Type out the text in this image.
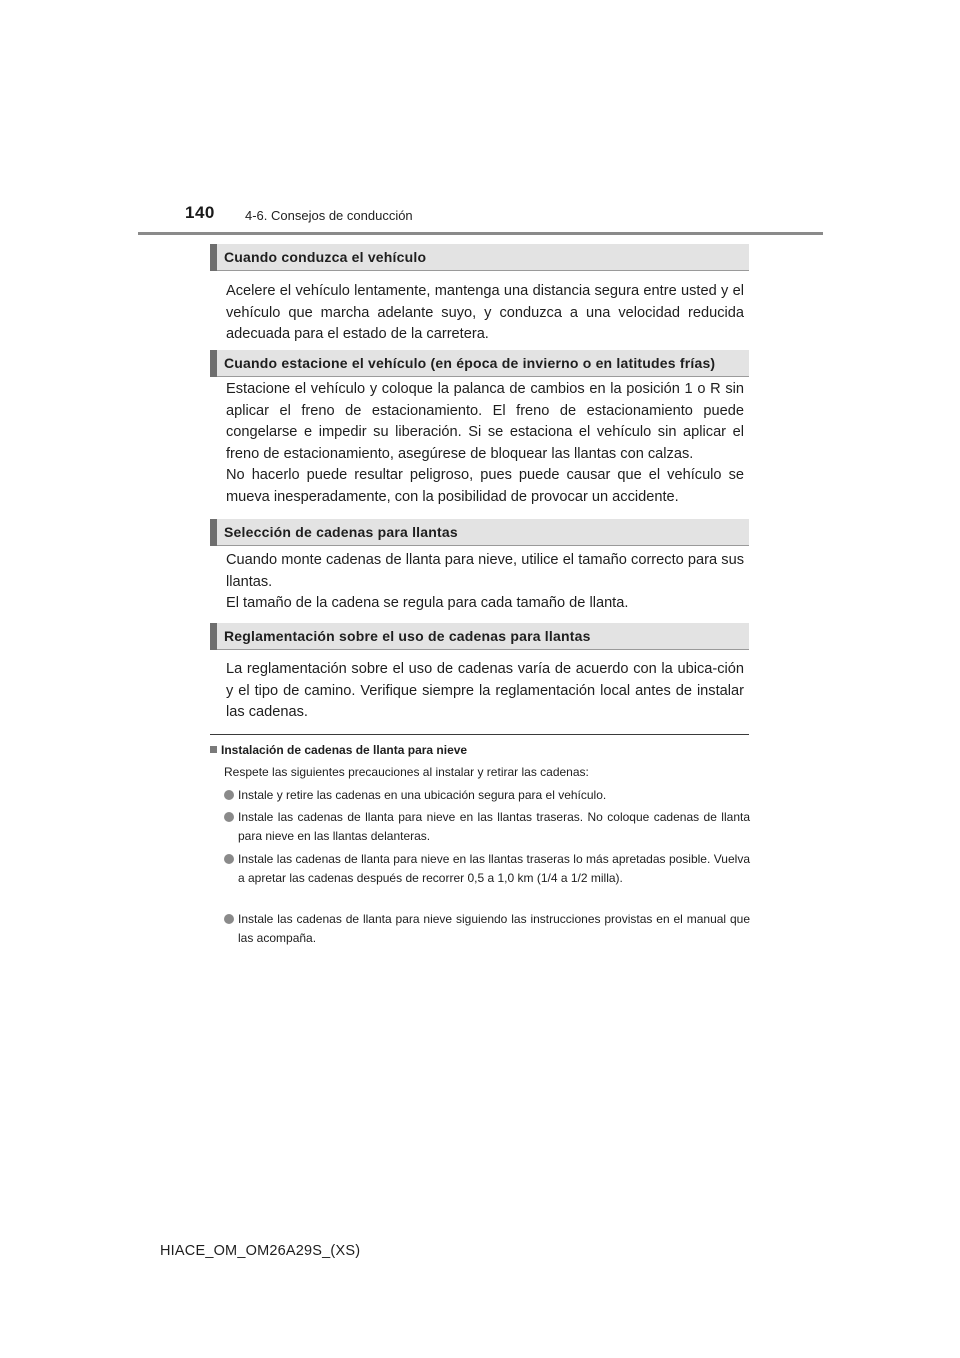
140 4-6. Consejos de conducción
Cuando conduzca el vehículo
Acelere el vehículo lentamente, mantenga una distancia segura entre usted y el vehículo que marcha adelante suyo, y conduzca a una velocidad reducida adecuada para el estado de la carretera.
Cuando estacione el vehículo (en época de invierno o en latitudes frías)
Estacione el vehículo y coloque la palanca de cambios en la posición 1 o R sin aplicar el freno de estacionamiento. El freno de estacionamiento puede congelarse e impedir su liberación. Si se estaciona el vehículo sin aplicar el freno de estacionamiento, asegúrese de bloquear las llantas con calzas.
No hacerlo puede resultar peligroso, pues puede causar que el vehículo se mueva inesperadamente, con la posibilidad de provocar un accidente.
Selección de cadenas para llantas
Cuando monte cadenas de llanta para nieve, utilice el tamaño correcto para sus llantas.
El tamaño de la cadena se regula para cada tamaño de llanta.
Reglamentación sobre el uso de cadenas para llantas
La reglamentación sobre el uso de cadenas varía de acuerdo con la ubica-ción y el tipo de camino. Verifique siempre la reglamentación local antes de instalar las cadenas.
Instalación de cadenas de llanta para nieve
Respete las siguientes precauciones al instalar y retirar las cadenas:
Instale y retire las cadenas en una ubicación segura para el vehículo.
Instale las cadenas de llanta para nieve en las llantas traseras. No coloque cadenas de llanta para nieve en las llantas delanteras.
Instale las cadenas de llanta para nieve en las llantas traseras lo más apretadas posible. Vuelva a apretar las cadenas después de recorrer 0,5 a 1,0 km (1/4 a 1/2 milla).
Instale las cadenas de llanta para nieve siguiendo las instrucciones provistas en el manual que las acompaña.
HIACE_OM_OM26A29S_(XS)
